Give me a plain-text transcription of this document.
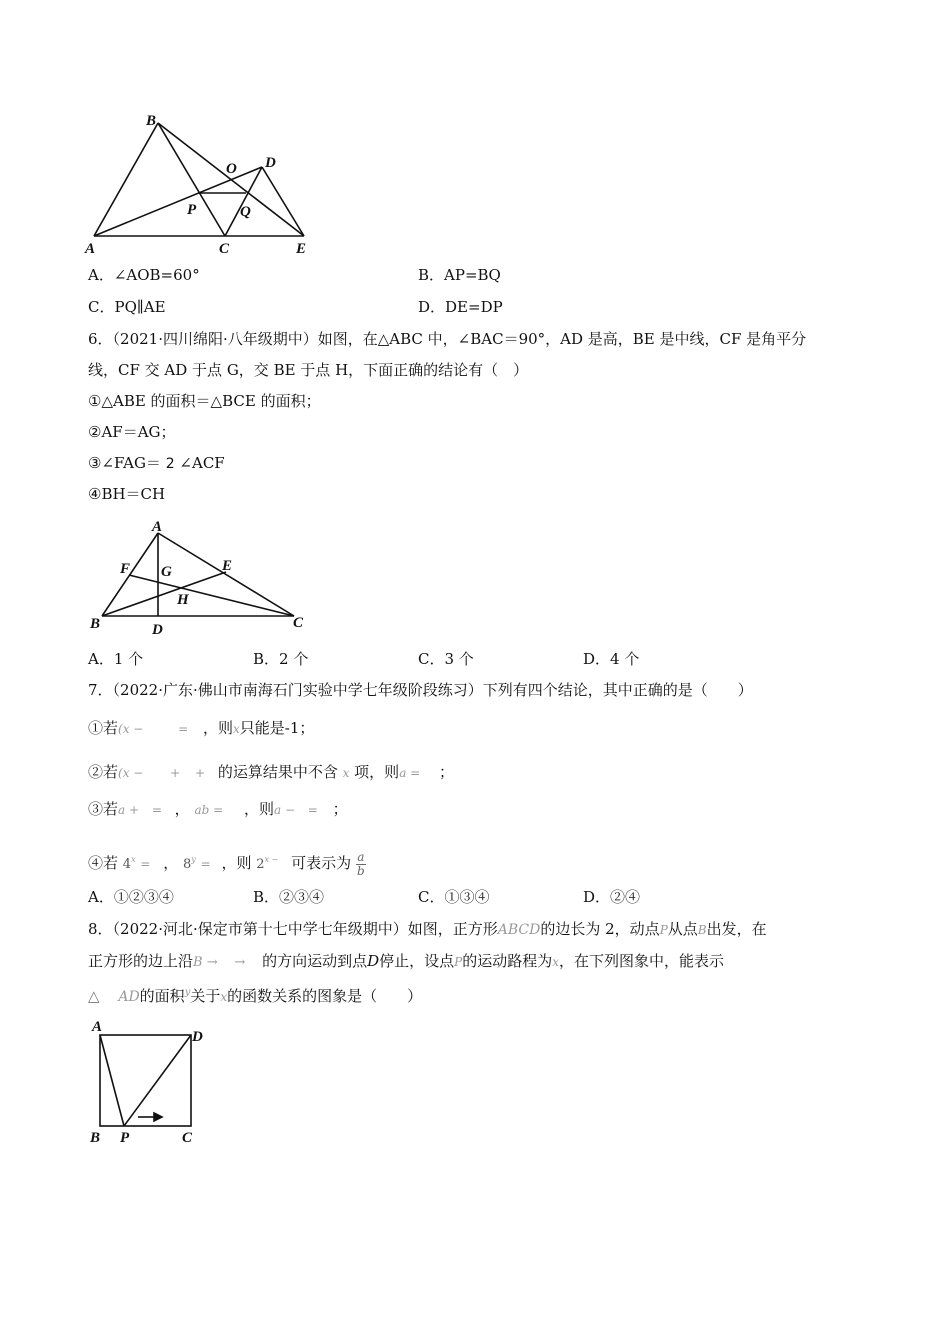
B
O D
P	Q
A	C	E
A．∠AOB=60°	B．AP=BQ
C．PQ∥AE	D．DE=DP
6．（2021·四川绵阳·八年级期中）如图，在△ABC 中，∠BAC＝90°，AD 是高，BE 是中线，CF 是角平分
线，CF 交 AD 于点 G，交 BE 于点 H，下面正确的结论有（　）
①△ABE 的面积＝△BCE 的面积；
②AF＝AG；
③∠FAG＝ 2 ∠ACF
④BH＝CH
A
F G	E
H
B	D	C
A．1 个	B．2 个	C．3 个	D．4 个
7．（2022·广东·佛山市南海石门实验中学七年级阶段练习）下列有四个结论，其中正确的是（　　）
①若(x −	= ，则x只能是-1；
②若(x − + + 的运算结果中不含 x 项，则a = ；
③若a + = ， ab = ，则a − = ；
④若 $4^x$ = ， $8^y$ = ，则 $2^{x -}$ 可表示为 $\frac{a}{b}$
A．①②③④	B．②③④	C．①③④	D．②④
8．（2022·河北·保定市第十七中学七年级期中）如图，正方形ABCD的边长为 2，动点P从点B出发，在
正方形的边上沿B → → 的方向运动到点D停止，设点P的运动路程为x，在下列图象中，能表示
△ AD的面积$^y$关于x的函数关系的图象是（　　）
A
D
B P	C
